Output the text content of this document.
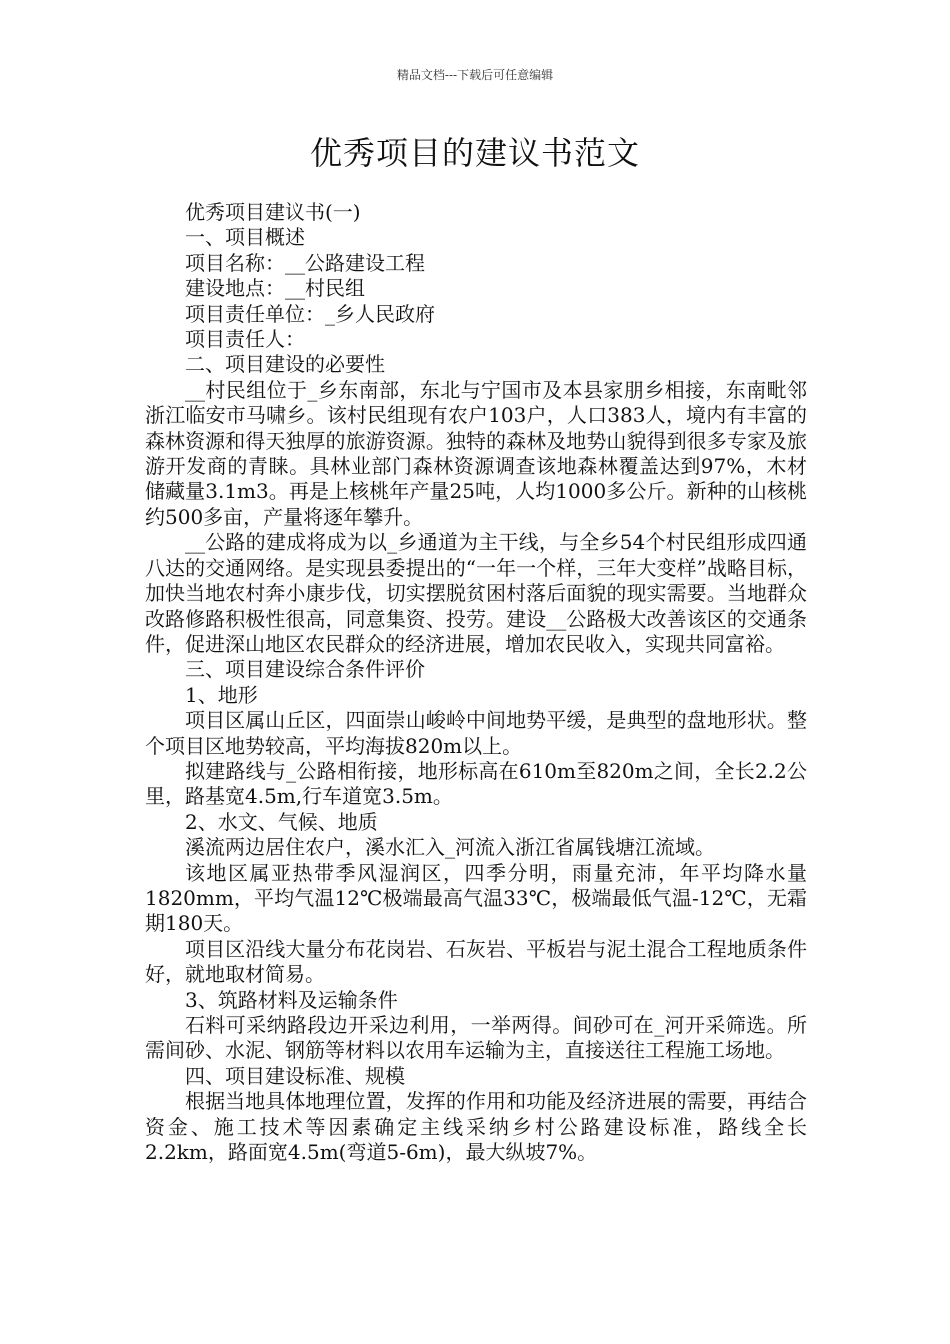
精品文档---下载后可任意编辑
优秀项目的建议书范文

优秀项目建议书(一)

一、项目概述

项目名称：__公路建设工程

建设地点：__村民组

项目责任单位：_乡人民政府

项目责任人：

二、项目建设的必要性

__村民组位于_乡东南部，东北与宁国市及本县家朋乡相接，东南毗邻浙江临安市马啸乡。该村民组现有农户103户，人口383人，境内有丰富的森林资源和得天独厚的旅游资源。独特的森林及地势山貌得到很多专家及旅游开发商的青睐。具林业部门森林资源调查该地森林覆盖达到97%，木材储藏量3.1m3。再是上核桃年产量25吨，人均1000多公斤。新种的山核桃约500多亩，产量将逐年攀升。

__公路的建成将成为以_乡通道为主干线，与全乡54个村民组形成四通八达的交通网络。是实现县委提出的“一年一个样，三年大变样”战略目标，加快当地农村奔小康步伐，切实摆脱贫困村落后面貌的现实需要。当地群众改路修路积极性很高，同意集资、投劳。建设__公路极大改善该区的交通条件，促进深山地区农民群众的经济进展，增加农民收入，实现共同富裕。

三、项目建设综合条件评价

1、地形

项目区属山丘区，四面崇山峻岭中间地势平缓，是典型的盘地形状。整个项目区地势较高，平均海拔820m以上。

拟建路线与_公路相衔接，地形标高在610m至820m之间，全长2.2公里，路基宽4.5m,行车道宽3.5m。

2、水文、气候、地质

溪流两边居住农户，溪水汇入_河流入浙江省属钱塘江流域。

该地区属亚热带季风湿润区，四季分明，雨量充沛，年平均降水量1820mm，平均气温12℃极端最高气温33℃，极端最低气温-12℃，无霜期180天。

项目区沿线大量分布花岗岩、石灰岩、平板岩与泥土混合工程地质条件好，就地取材简易。

3、筑路材料及运输条件

石料可采纳路段边开采边利用，一举两得。间砂可在_河开采筛选。所需间砂、水泥、钢筋等材料以农用车运输为主，直接送往工程施工场地。

四、项目建设标准、规模

根据当地具体地理位置，发挥的作用和功能及经济进展的需要，再结合资金、施工技术等因素确定主线采纳乡村公路建设标准，路线全长2.2km，路面宽4.5m(弯道5-6m)，最大纵坡7%。
